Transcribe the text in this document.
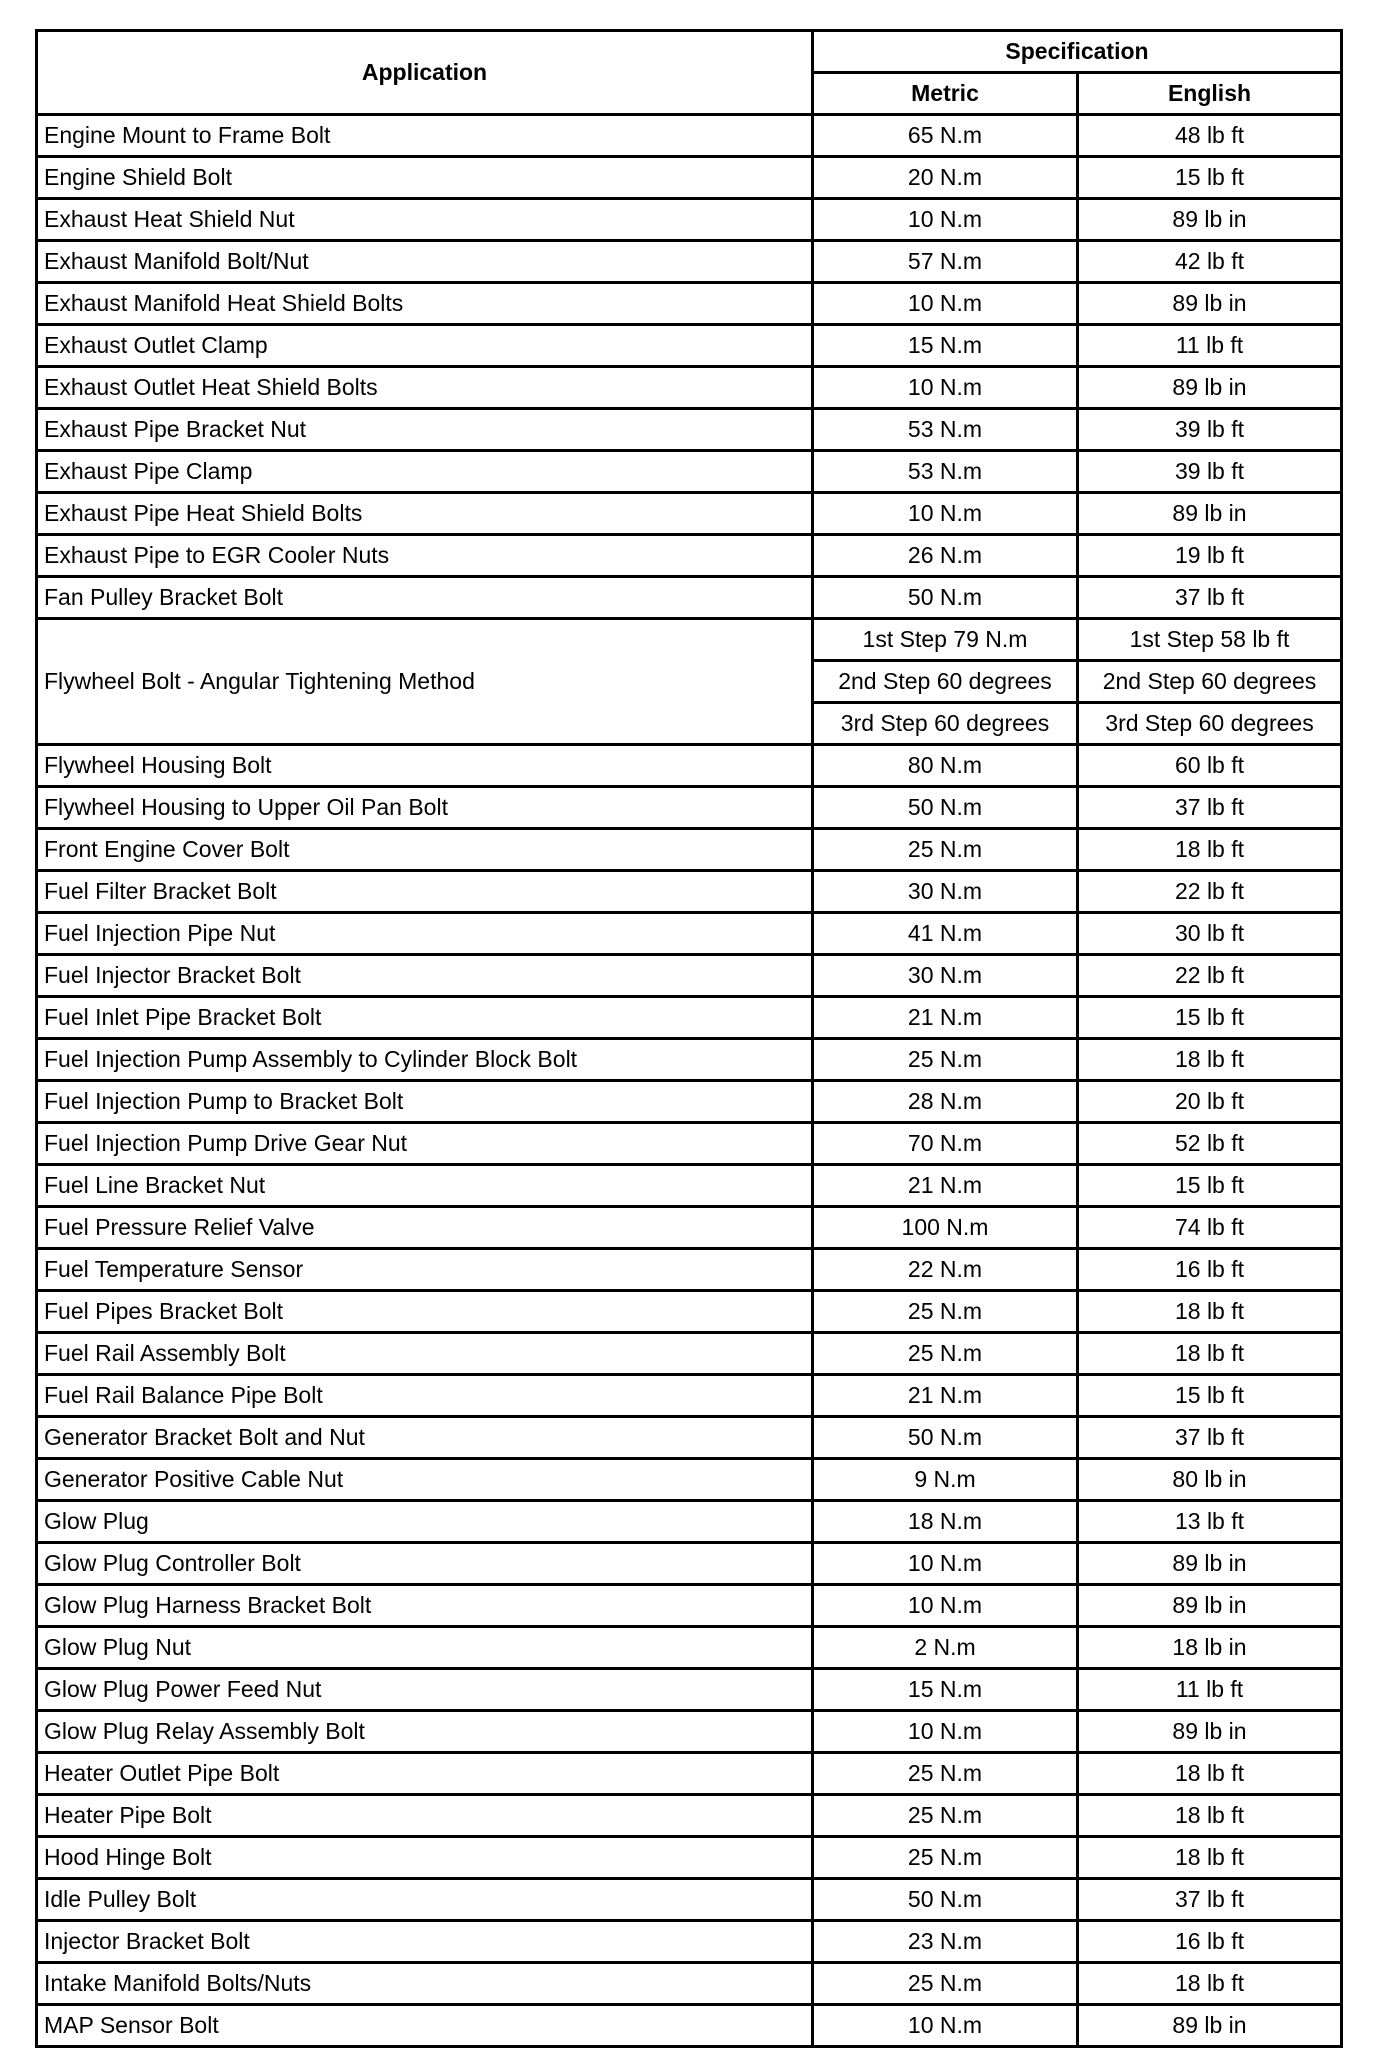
Application	Specification	
	Metric	English
Engine Mount to Frame Bolt	65 N.m	48 lb ft
Engine Shield Bolt	20 N.m	15 lb ft
Exhaust Heat Shield Nut	10 N.m	89 lb in
Exhaust Manifold Bolt/Nut	57 N.m	42 lb ft
Exhaust Manifold Heat Shield Bolts	10 N.m	89 lb in
Exhaust Outlet Clamp	15 N.m	11 lb ft
Exhaust Outlet Heat Shield Bolts	10 N.m	89 lb in
Exhaust Pipe Bracket Nut	53 N.m	39 lb ft
Exhaust Pipe Clamp	53 N.m	39 lb ft
Exhaust Pipe Heat Shield Bolts	10 N.m	89 lb in
Exhaust Pipe to EGR Cooler Nuts	26 N.m	19 lb ft
Fan Pulley Bracket Bolt	50 N.m	37 lb ft
Flywheel Bolt - Angular Tightening Method	1st Step 79 N.m	1st Step 58 lb ft
	2nd Step 60 degrees	2nd Step 60 degrees
	3rd Step 60 degrees	3rd Step 60 degrees
Flywheel Housing Bolt	80 N.m	60 lb ft
Flywheel Housing to Upper Oil Pan Bolt	50 N.m	37 lb ft
Front Engine Cover Bolt	25 N.m	18 lb ft
Fuel Filter Bracket Bolt	30 N.m	22 lb ft
Fuel Injection Pipe Nut	41 N.m	30 lb ft
Fuel Injector Bracket Bolt	30 N.m	22 lb ft
Fuel Inlet Pipe Bracket Bolt	21 N.m	15 lb ft
Fuel Injection Pump Assembly to Cylinder Block Bolt	25 N.m	18 lb ft
Fuel Injection Pump to Bracket Bolt	28 N.m	20 lb ft
Fuel Injection Pump Drive Gear Nut	70 N.m	52 lb ft
Fuel Line Bracket Nut	21 N.m	15 lb ft
Fuel Pressure Relief Valve	100 N.m	74 lb ft
Fuel Temperature Sensor	22 N.m	16 lb ft
Fuel Pipes Bracket Bolt	25 N.m	18 lb ft
Fuel Rail Assembly Bolt	25 N.m	18 lb ft
Fuel Rail Balance Pipe Bolt	21 N.m	15 lb ft
Generator Bracket Bolt and Nut	50 N.m	37 lb ft
Generator Positive Cable Nut	9 N.m	80 lb in
Glow Plug	18 N.m	13 lb ft
Glow Plug Controller Bolt	10 N.m	89 lb in
Glow Plug Harness Bracket Bolt	10 N.m	89 lb in
Glow Plug Nut	2 N.m	18 lb in
Glow Plug Power Feed Nut	15 N.m	11 lb ft
Glow Plug Relay Assembly Bolt	10 N.m	89 lb in
Heater Outlet Pipe Bolt	25 N.m	18 lb ft
Heater Pipe Bolt	25 N.m	18 lb ft
Hood Hinge Bolt	25 N.m	18 lb ft
Idle Pulley Bolt	50 N.m	37 lb ft
Injector Bracket Bolt	23 N.m	16 lb ft
Intake Manifold Bolts/Nuts	25 N.m	18 lb ft
MAP Sensor Bolt	10 N.m	89 lb in
